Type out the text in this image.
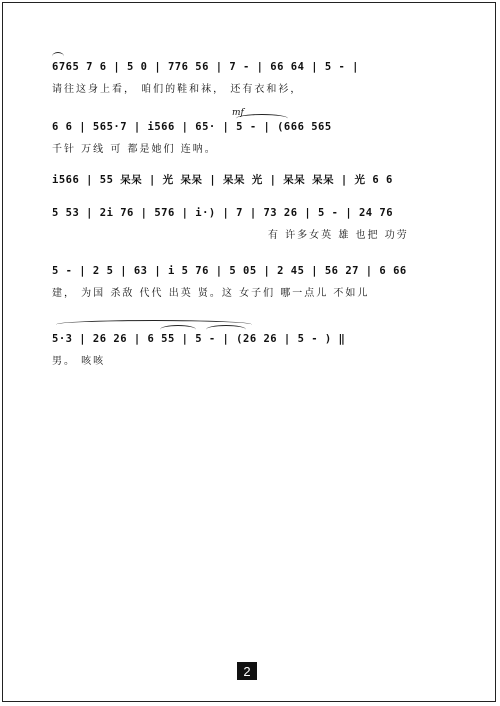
6765 7 6 | 5 0 | 776 56 | 7 - | 66 64 | 5 - |
请往这身上看， 咱们的鞋和袜， 还有衣和衫，
6 6 | 565·7 | i566 | 65· | 5 - | (666 565
千针 万线 可 都是她们 连呐。
mf
i566 | 55 呆呆 | 光 呆呆 | 呆呆 光 | 呆呆 呆呆 | 光 6 6
5 53 | 2i 76 | 576 | i·) | 7 | 73 26 | 5 - | 24 76
有 许多女英 雄 也把 功劳
5 - | 2 5 | 63 | i 5 76 | 5 05 | 2 45 | 56 27 | 6 66
建， 为国 杀敌 代代 出英 贤。这 女子们 哪一点儿 不如儿
5·3 | 26 26 | 6 55 | 5 - | (26 26 | 5 - ) ‖
男。 咳咳
2
